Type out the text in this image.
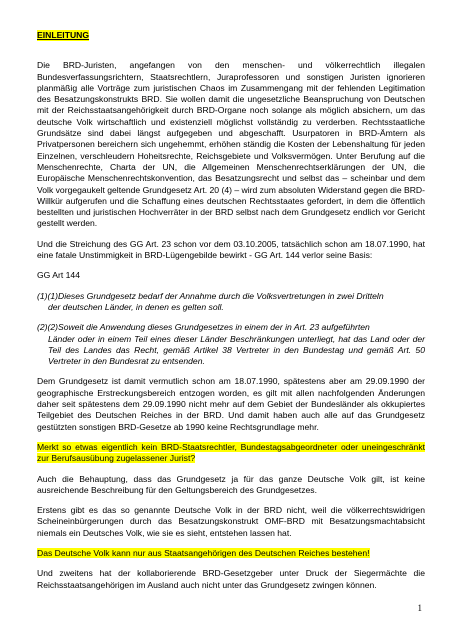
EINLEITUNG

Die BRD-Juristen, angefangen von den menschen- und völkerrechtlich illegalen Bundesverfassungsrichtern, Staatsrechtlern, Juraprofessoren und sonstigen Juristen ignorieren planmäßig alle Vorträge zum juristischen Chaos im Zusammengang mit der fehlenden Legitimation des Besatzungskonstrukts BRD. Sie wollen damit die ungesetzliche Beanspruchung von Deutschen mit der Reichsstaatsangehörigkeit durch BRD-Organe noch solange als möglich absichern, um das deutsche Volk wirtschaftlich und existenziell möglichst vollständig zu verderben. Rechtsstaatliche Grundsätze sind dabei längst aufgegeben und abgeschafft. Usurpatoren in BRD-Ämtern als Privatpersonen bereichern sich ungehemmt, erhöhen ständig die Kosten der Lebenshaltung für jeden Einzelnen, verschleudern Hoheitsrechte, Reichsgebiete und Volksvermögen. Unter Berufung auf die Menschenrechte, Charta der UN, die Allgemeinen Menschenrechtserklärungen der UN, die Europäische Menschenrechtskonvention, das Besatzungsrecht und selbst das – scheinbar und dem Volk vorgegaukelt geltende Grundgesetz Art. 20 (4) – wird zum absoluten Widerstand gegen die BRD-Willkür aufgerufen und die Schaffung eines deutschen Rechtsstaates gefordert, in dem die öffentlich bestellten und juristischen Hochverräter in der BRD selbst nach dem Grundgesetz endlich vor Gericht gestellt werden.

Und die Streichung des GG Art. 23 schon vor dem 03.10.2005, tatsächlich schon am 18.07.1990, hat eine fatale Unstimmigkeit in BRD-Lügengebilde bewirkt - GG Art. 144 verlor seine Basis:

GG Art 144

(1)(1)Dieses Grundgesetz bedarf der Annahme durch die Volksvertretungen in zwei Dritteln
der deutschen Länder, in denen es gelten soll.

(2)(2)Soweit die Anwendung dieses Grundgesetzes in einem der in Art. 23 aufgeführten
Länder oder in einem Teil eines dieser Länder Beschränkungen unterliegt, hat das Land oder der Teil des Landes das Recht, gemäß Artikel 38 Vertreter in den Bundestag und gemäß Art. 50 Vertreter in den Bundesrat zu entsenden.

Dem Grundgesetz ist damit vermutlich schon am 18.07.1990, spätestens aber am 29.09.1990 der geographische Erstreckungsbereich entzogen worden, es gilt mit allen nachfolgenden Änderungen daher seit spätestens dem 29.09.1990 nicht mehr auf dem Gebiet der Bundesländer als okkupiertes Teilgebiet des Deutschen Reiches in der BRD. Und damit haben auch alle auf das Grundgesetz gestützten sonstigen BRD-Gesetze ab 1990 keine Rechtsgrundlage mehr.

Merkt so etwas eigentlich kein BRD-Staatsrechtler, Bundestagsabgeordneter oder uneingeschränkt zur Berufsausübung zugelassener Jurist?

Auch die Behauptung, dass das Grundgesetz ja für das ganze Deutsche Volk gilt, ist keine ausreichende Beschreibung für den Geltungsbereich des Grundgesetzes.

Erstens gibt es das so genannte Deutsche Volk in der BRD nicht, weil die völkerrechtswidrigen Scheineinbürgerungen durch das Besatzungskonstrukt OMF-BRD mit Besatzungsmachtabsicht niemals ein Deutsches Volk, wie sie es sieht, entstehen lassen hat.

Das Deutsche Volk kann nur aus Staatsangehörigen des Deutschen Reiches bestehen!

Und zweitens hat der kollaborierende BRD-Gesetzgeber unter Druck der Siegermächte die Reichsstaatsangehörigen im Ausland auch nicht unter das Grundgesetz zwingen können.

1
